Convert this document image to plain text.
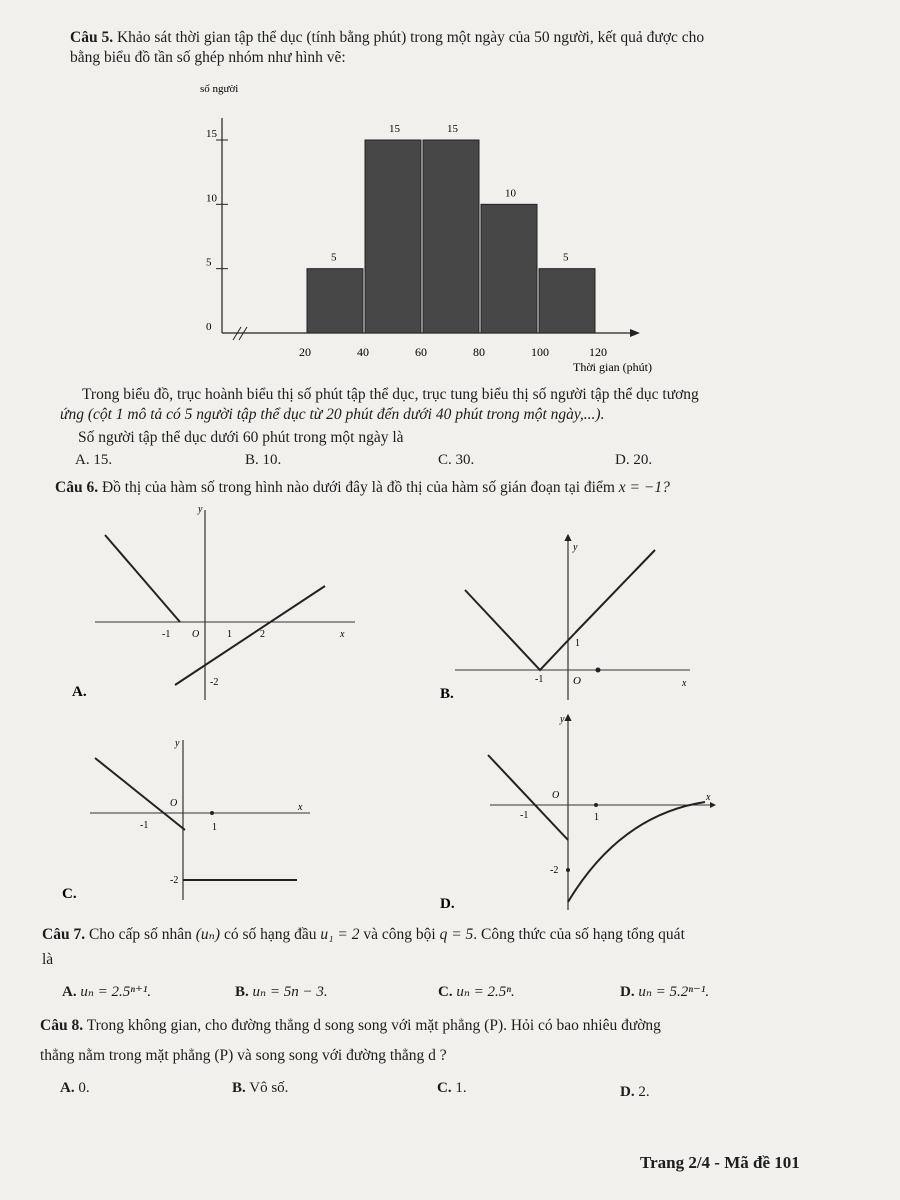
Câu 5. Khảo sát thời gian tập thể dục (tính bằng phút) trong một ngày của 50 người, kết quả được cho
bằng biểu đồ tần số ghép nhóm như hình vẽ:
số người
Thời gian (phút)
0
5
10
15
5
15	15
10
5
20	40	60	80	100	120
Trong biểu đồ, trục hoành biểu thị số phút tập thể dục, trục tung biểu thị số người tập thể dục tương
ứng (cột 1 mô tả có 5 người tập thể dục từ 20 phút đến dưới 40 phút trong một ngày,...).
Số người tập thể dục dưới 60 phút trong một ngày là
A. 15.	B. 10.	C. 30.	D. 20.
Câu 6. Đồ thị của hàm số trong hình nào dưới đây là đồ thị của hàm số gián đoạn tại điểm x = −1?
y
x
-1 O	1	2
-2
A.
y
x
1
-1	O
B.
y
x
O
-1	1
-2
C.
y
x
O
-1	1
-2
D.
Câu 7. Cho cấp số nhân (uₙ) có số hạng đầu u₁ = 2 và công bội q = 5. Công thức của số hạng tổng quát
là
A. uₙ = 2.5ⁿ⁺¹.	B. uₙ = 5n − 3.	C. uₙ = 2.5ⁿ.	D. uₙ = 5.2ⁿ⁻¹.
Câu 8. Trong không gian, cho đường thẳng d song song với mặt phẳng (P). Hỏi có bao nhiêu đường
thẳng nằm trong mặt phẳng (P) và song song với đường thẳng d ?
A. 0.	B. Vô số.	C. 1.	D. 2.
Trang 2/4 - Mã đề 101
